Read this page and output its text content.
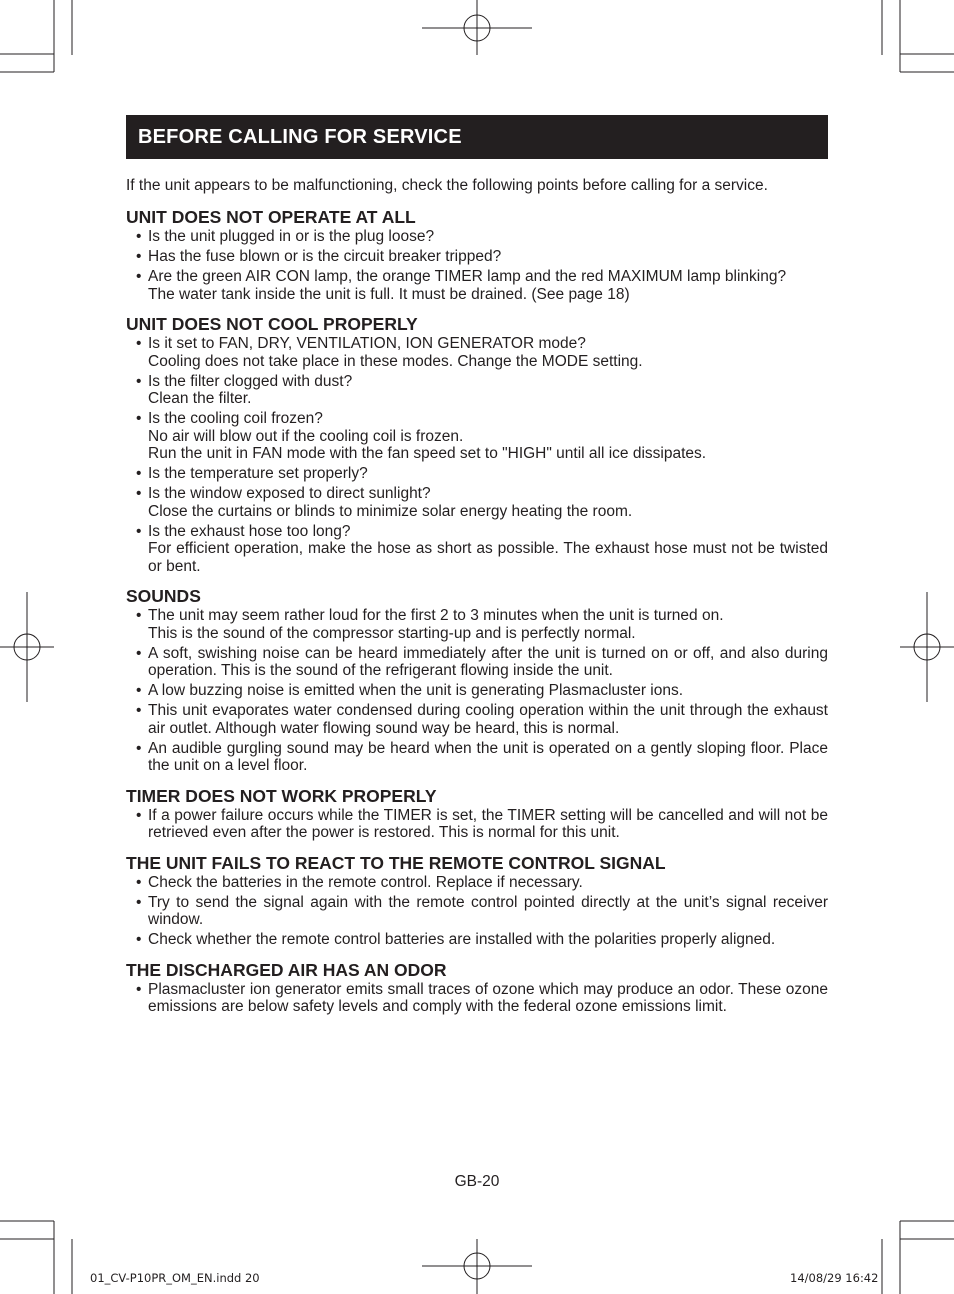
BEFORE CALLING FOR SERVICE

If the unit appears to be malfunctioning, check the following points before calling for a service.

UNIT DOES NOT OPERATE AT ALL
• Is the unit plugged in or is the plug loose?
• Has the fuse blown or is the circuit breaker tripped?
• Are the green AIR CON lamp, the orange TIMER lamp and the red MAXIMUM lamp blinking?
The water tank inside the unit is full. It must be drained. (See page 18)
UNIT DOES NOT COOL PROPERLY
• Is it set to FAN, DRY, VENTILATION, ION GENERATOR mode?
Cooling does not take place in these modes. Change the MODE setting.
• Is the filter clogged with dust?
Clean the filter.
• Is the cooling coil frozen?
No air will blow out if the cooling coil is frozen.
Run the unit in FAN mode with the fan speed set to "HIGH" until all ice dissipates.
• Is the temperature set properly?
• Is the window exposed to direct sunlight?
Close the curtains or blinds to minimize solar energy heating the room.
• Is the exhaust hose too long?
For efficient operation, make the hose as short as possible. The exhaust hose must not be twisted or bent.
SOUNDS
• The unit may seem rather loud for the first 2 to 3 minutes when the unit is turned on.
This is the sound of the compressor starting-up and is perfectly normal.
• A soft, swishing noise can be heard immediately after the unit is turned on or off, and also during operation. This is the sound of the refrigerant flowing inside the unit.
• A low buzzing noise is emitted when the unit is generating Plasmacluster ions.
• This unit evaporates water condensed during cooling operation within the unit through the exhaust air outlet. Although water flowing sound way be heard, this is normal.
• An audible gurgling sound may be heard when the unit is operated on a gently sloping floor. Place the unit on a level floor.
TIMER DOES NOT WORK PROPERLY
• If a power failure occurs while the TIMER is set, the TIMER setting will be cancelled and will not be retrieved even after the power is restored. This is normal for this unit.
THE UNIT FAILS TO REACT TO THE REMOTE CONTROL SIGNAL
• Check the batteries in the remote control. Replace if necessary.
• Try to send the signal again with the remote control pointed directly at the unit’s signal receiver window.
• Check whether the remote control batteries are installed with the polarities properly aligned.
THE DISCHARGED AIR HAS AN ODOR
• Plasmacluster ion generator emits small traces of ozone which may produce an odor. These ozone emissions are below safety levels and comply with the federal ozone emissions limit.
GB-20
01_CV-P10PR_OM_EN.indd 20	14/08/29 16:42
